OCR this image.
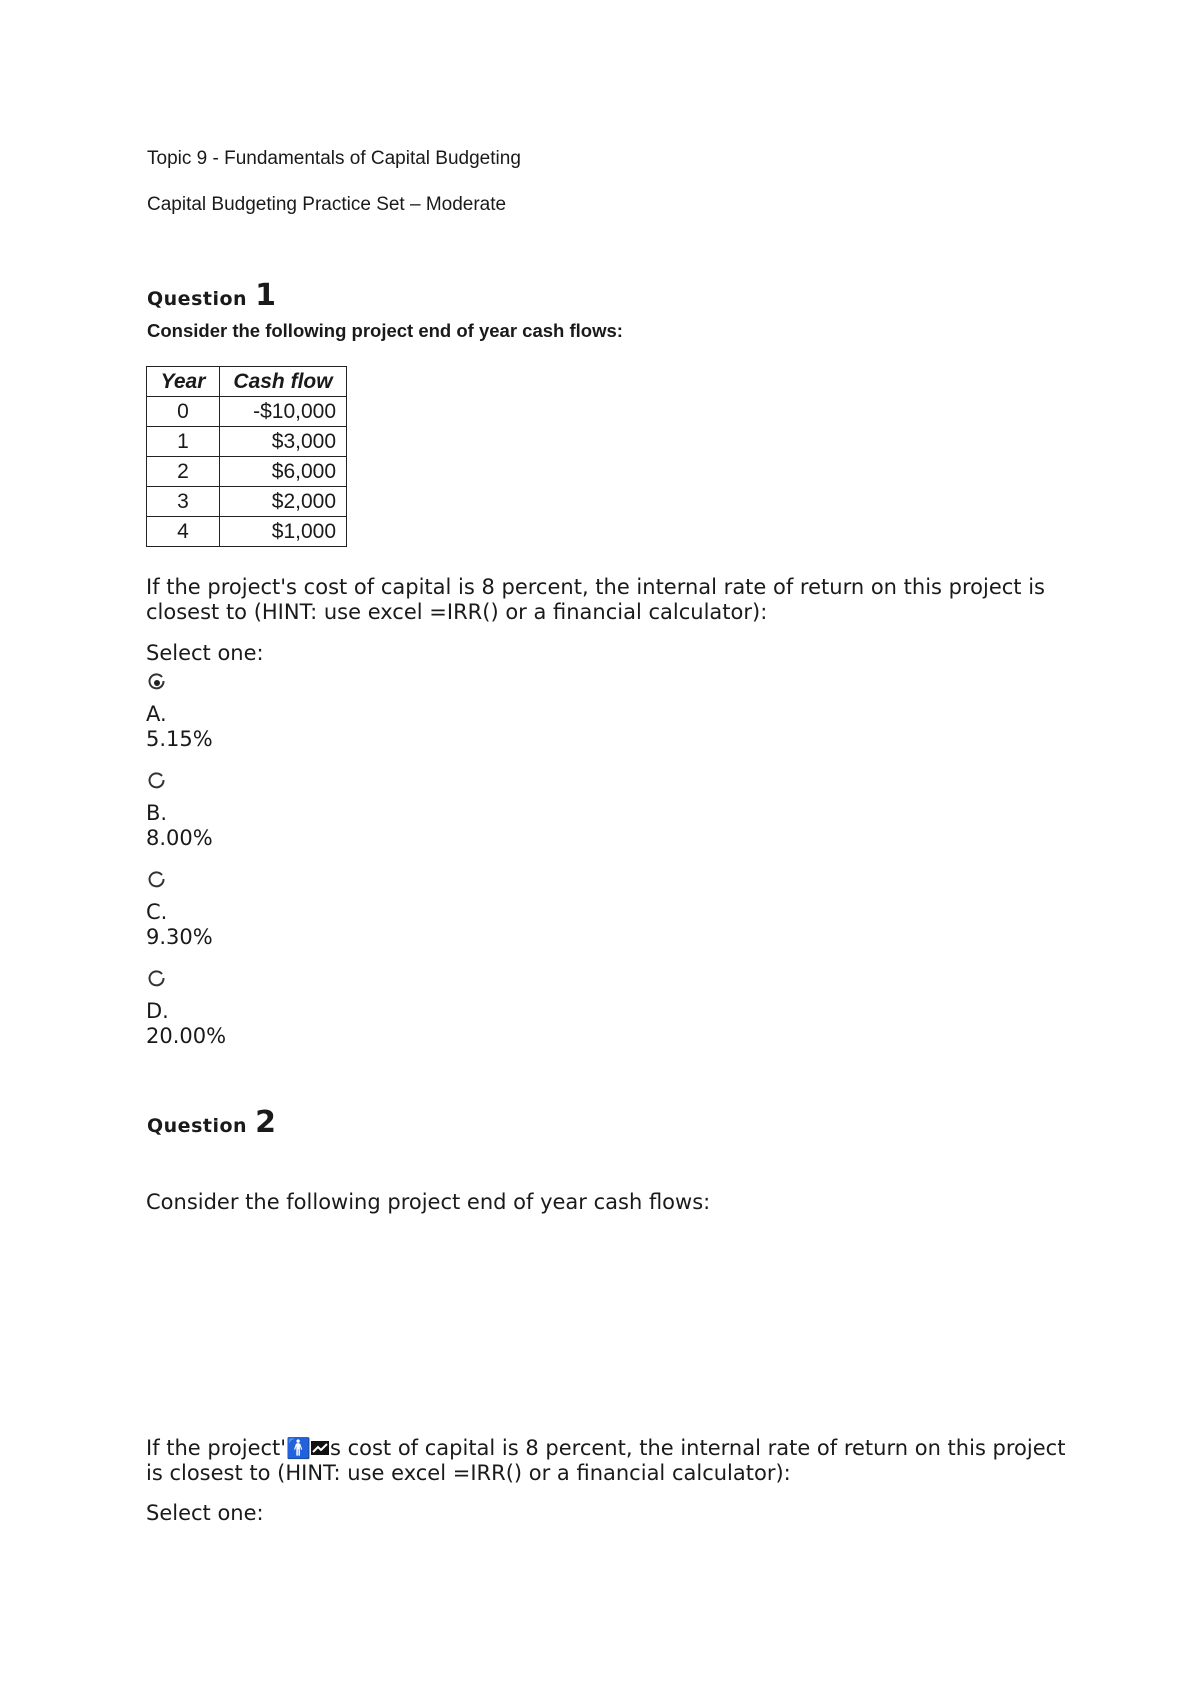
Topic 9 - Fundamentals of Capital Budgeting
Capital Budgeting Practice Set – Moderate
Question 1
Consider the following project end of year cash flows:
Year	Cash flow
0	-$10,000
1	$3,000
2	$6,000
3	$2,000
4	$1,000
If the project's cost of capital is 8 percent, the internal rate of return on this project is closest to (HINT: use excel =IRR() or a financial calculator):
Select one:
A.
5.15%
B.
8.00%
C.
9.30%
D.
20.00%
Question 2
Consider the following project end of year cash flows:
If the project'🚹 s cost of capital is 8 percent, the internal rate of return on this project is closest to (HINT: use excel =IRR() or a financial calculator):
Select one:
